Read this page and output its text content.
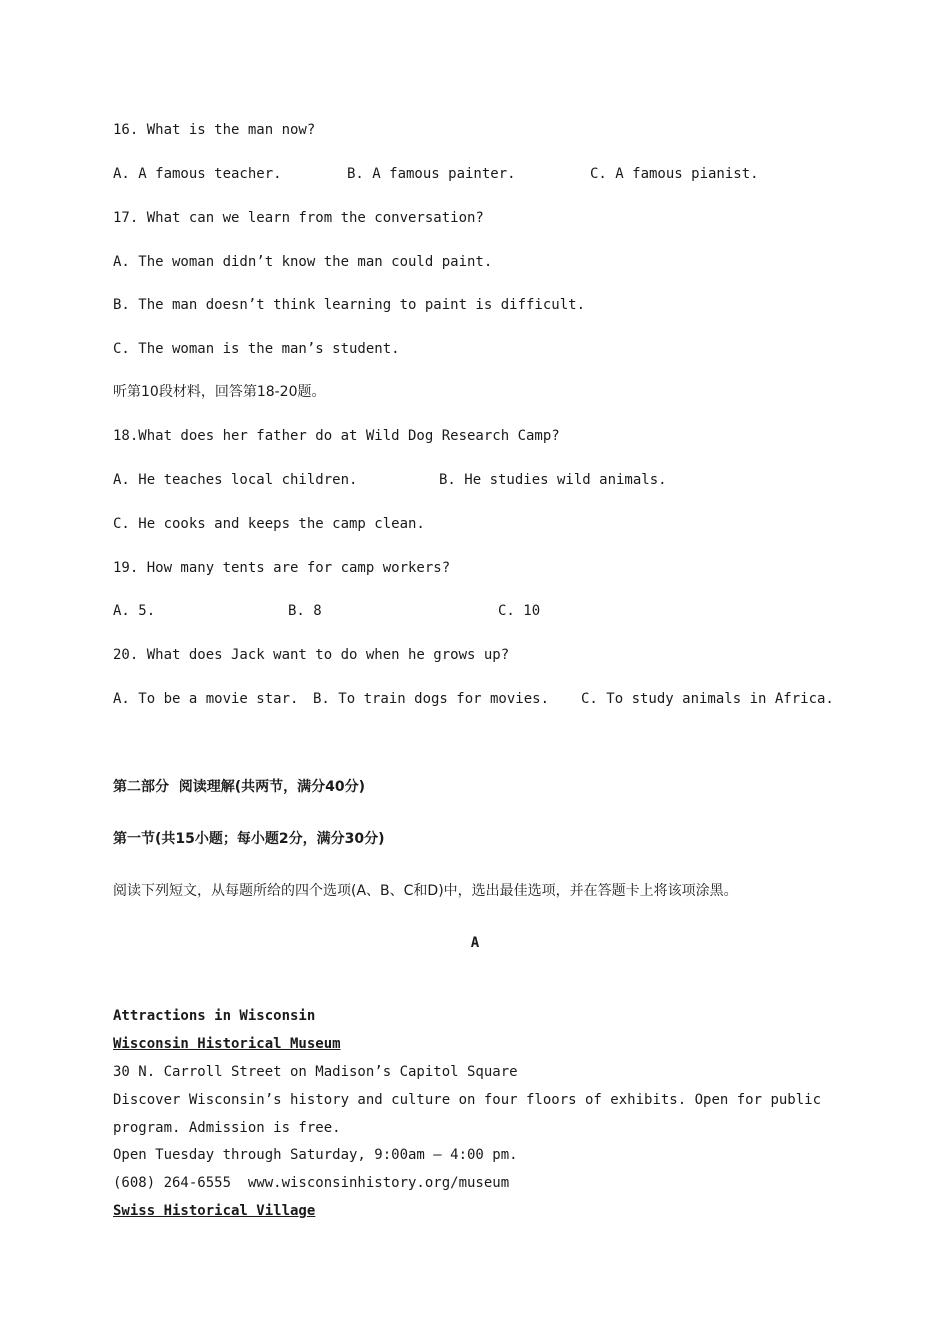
16. What is the man now?

A. A famous teacher.

	B. A famous painter.

	C. A famous pianist.

17. What can we learn from the conversation?
A. The woman didn’t know the man could paint.
B. The man doesn’t think learning to paint is difficult.
C. The woman is the man’s student.
听第10段材料，回答第18-20题。
18.What does her father do at Wild Dog Research Camp?

A. He teaches local children.

	B. He studies wild animals.

C. He cooks and keeps the camp clean.
19. How many tents are for camp workers?

A. 5.

	B. 8

	C. 10

20. What does Jack want to do when he grows up?

A. To be a movie star.

B. To train dogs for movies.

C. To study animals in Africa.

第二部分  阅读理解(共两节，满分40分)
第一节(共15小题；每小题2分，满分30分)
阅读下列短文，从每题所给的四个选项(A、B、C和D)中，选出最佳选项，并在答题卡上将该项涂黑。
A
Attractions in Wisconsin
Wisconsin Historical Museum
30 N. Carroll Street on Madison’s Capitol Square
Discover Wisconsin’s history and culture on four floors of exhibits. Open for public
program. Admission is free.
Open Tuesday through Saturday, 9:00am – 4:00 pm.
(608) 264-6555  www.wisconsinhistory.org/museum
Swiss Historical Village
